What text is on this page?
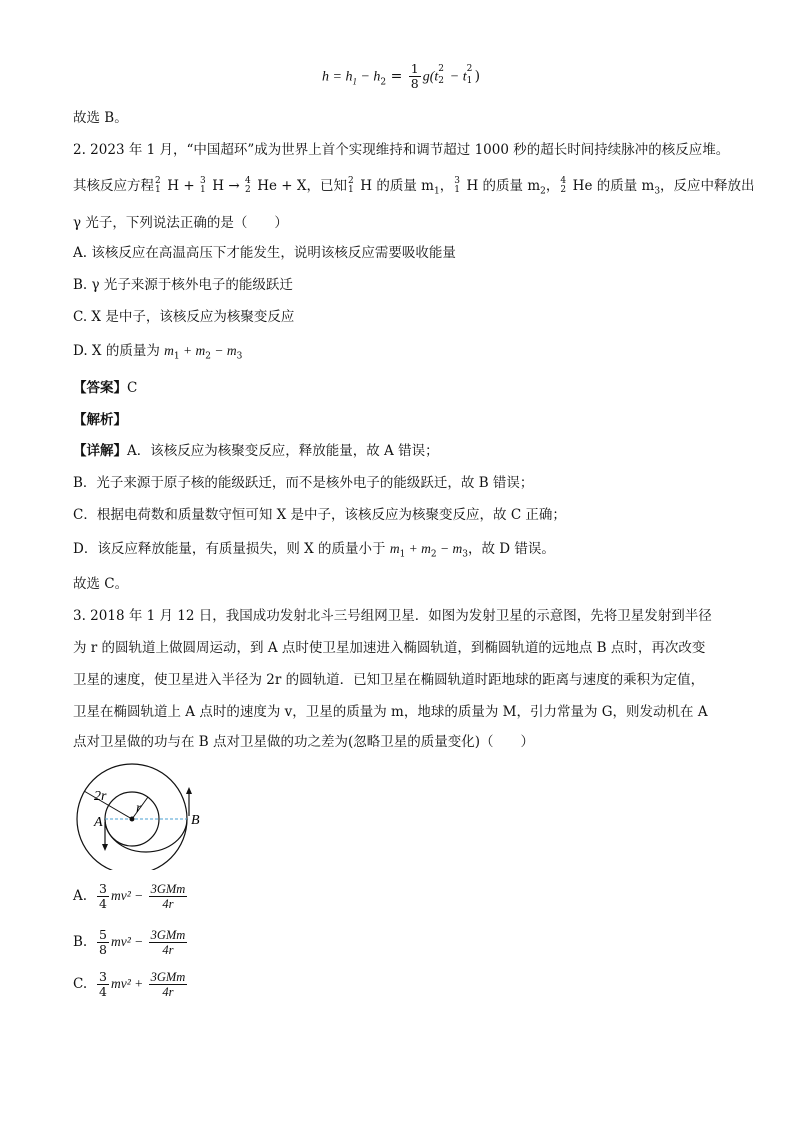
$h = h_1 - h_2 = \frac{1}{8} g(t$
2
2 − t
2
1 )
故选 B。
2. 2023 年 1 月，“中国超环”成为世界上首个实现维持和调节超过 1000 秒的超长时间持续脉冲的核反应堆。
其核反应方程 2
1 H + 3
1 H → 4
2 He + X，已知 2
1 H 的质量 $m_1$， 3
1 H 的质量 $m_2$， 4
2 He 的质量 $m_3$，反应中释放出
γ 光子，下列说法正确的是（　　）
A. 该核反应在高温高压下才能发生，说明该核反应需要吸收能量
B. γ 光子来源于核外电子的能级跃迁
C. X 是中子，该核反应为核聚变反应
D. X 的质量为 $m_1 + m_2 - m_3$
【答案】C
【解析】
【详解】A．该核反应为核聚变反应，释放能量，故 A 错误；
B．光子来源于原子核的能级跃迁，而不是核外电子的能级跃迁，故 B 错误；
C．根据电荷数和质量数守恒可知 X 是中子，该核反应为核聚变反应，故 C 正确；
D．该反应释放能量，有质量损失，则 X 的质量小于 $m_1 + m_2 - m_3$，故 D 错误。
故选 C。
3. 2018 年 1 月 12 日，我国成功发射北斗三号组网卫星．如图为发射卫星的示意图，先将卫星发射到半径
为 r 的圆轨道上做圆周运动，到 A 点时使卫星加速进入椭圆轨道，到椭圆轨道的远地点 B 点时，再次改变
卫星的速度，使卫星进入半径为 2r 的圆轨道．已知卫星在椭圆轨道时距地球的距离与速度的乘积为定值，
卫星在椭圆轨道上 A 点时的速度为 v，卫星的质量为 m，地球的质量为 M，引力常量为 G，则发动机在 A
点对卫星做的功与在 B 点对卫星做的功之差为(忽略卫星的质量变化)（　　）
2r
r
A	B
A. $\frac{3}{4} mv^2 - \frac{\text{3GMm}}{4r}$
B. $\frac{5}{8} mv^2 - \frac{\text{3GMm}}{4r}$
C. $\frac{3}{4} mv^2 + \frac{\text{3GMm}}{4r}$
